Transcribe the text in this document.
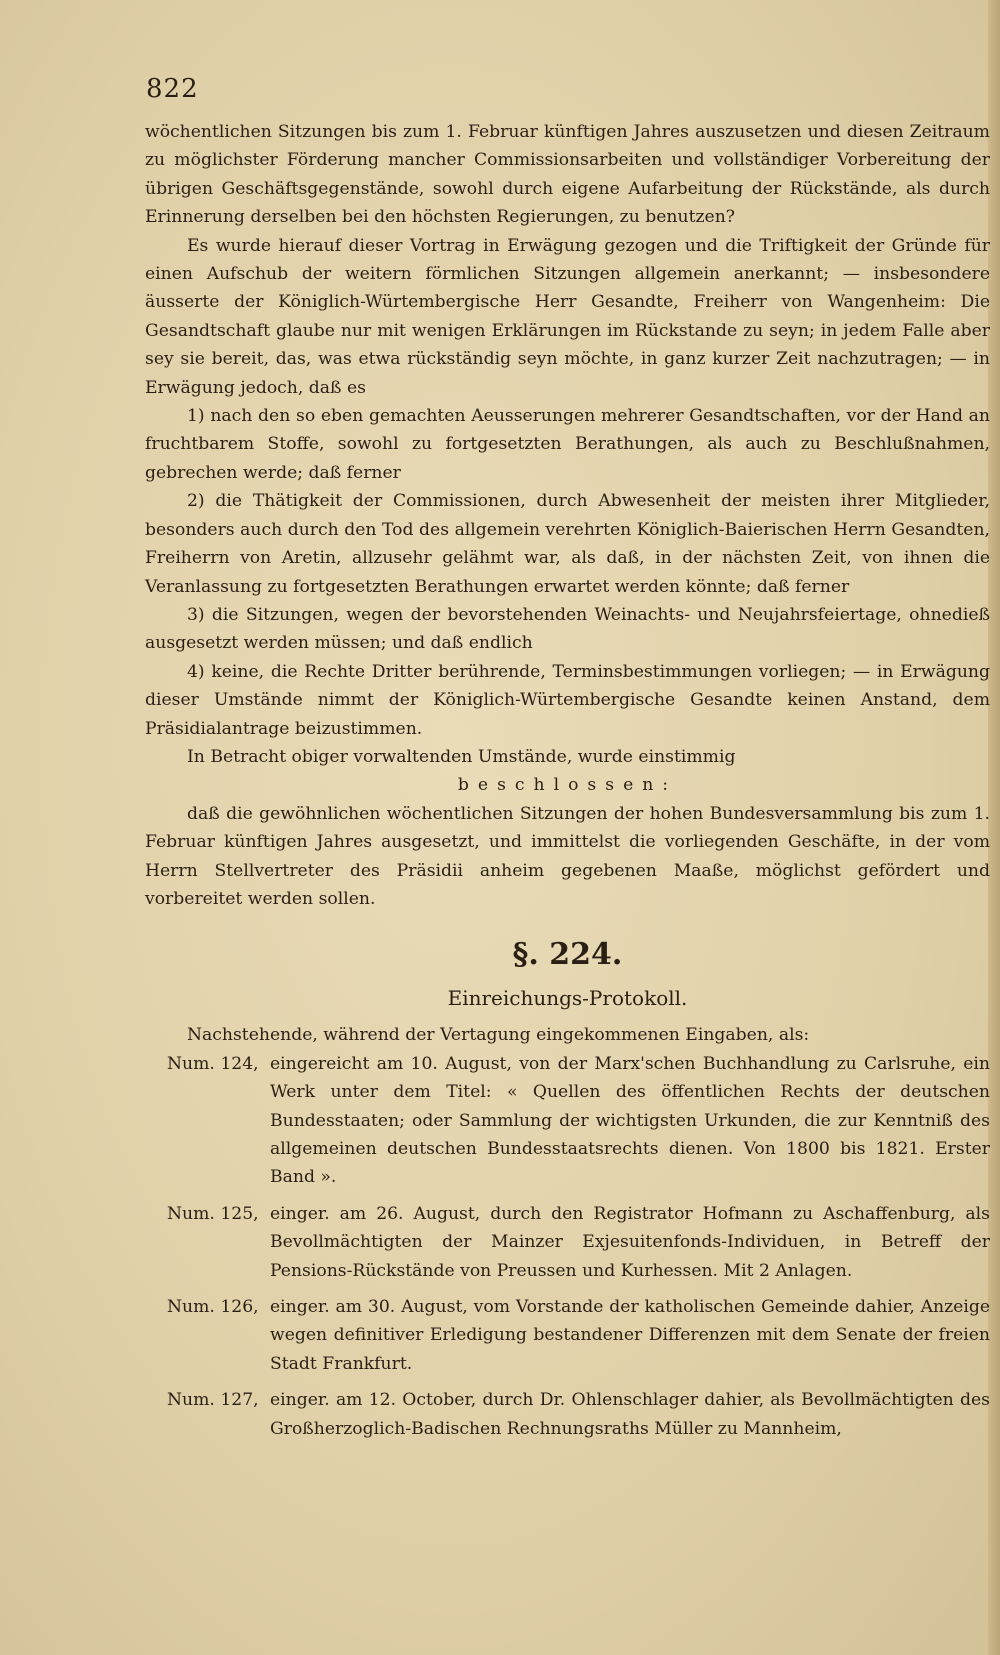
822

wöchentlichen Sitzungen bis zum 1. Februar künftigen Jahres auszusetzen und diesen Zeitraum zu möglichster Förderung mancher Commissionsarbeiten und vollständiger Vorbereitung der übrigen Geschäftsgegenstände, sowohl durch eigene Aufarbeitung der Rückstände, als durch Erinnerung derselben bei den höchsten Regierungen, zu benutzen?

Es wurde hierauf dieser Vortrag in Erwägung gezogen und die Triftigkeit der Gründe für einen Aufschub der weitern förmlichen Sitzungen allgemein anerkannt; — insbesondere äusserte der Königlich-Würtembergische Herr Gesandte, Freiherr von Wangenheim: Die Gesandtschaft glaube nur mit wenigen Erklärungen im Rückstande zu seyn; in jedem Falle aber sey sie bereit, das, was etwa rückständig seyn möchte, in ganz kurzer Zeit nachzutragen; — in Erwägung jedoch, daß es

1) nach den so eben gemachten Aeusserungen mehrerer Gesandtschaften, vor der Hand an fruchtbarem Stoffe, sowohl zu fortgesetzten Berathungen, als auch zu Beschlußnahmen, gebrechen werde; daß ferner

2) die Thätigkeit der Commissionen, durch Abwesenheit der meisten ihrer Mitglieder, besonders auch durch den Tod des allgemein verehrten Königlich-Baierischen Herrn Gesandten, Freiherrn von Aretin, allzusehr gelähmt war, als daß, in der nächsten Zeit, von ihnen die Veranlassung zu fortgesetzten Berathungen erwartet werden könnte; daß ferner

3) die Sitzungen, wegen der bevorstehenden Weinachts- und Neujahrsfeiertage, ohnedieß ausgesetzt werden müssen; und daß endlich

4) keine, die Rechte Dritter berührende, Terminsbestimmungen vorliegen; — in Erwägung dieser Umstände nimmt der Königlich-Würtembergische Gesandte keinen Anstand, dem Präsidialantrage beizustimmen.

In Betracht obiger vorwaltenden Umstände, wurde einstimmig

beschlossen:

daß die gewöhnlichen wöchentlichen Sitzungen der hohen Bundesversammlung bis zum 1. Februar künftigen Jahres ausgesetzt, und immittelst die vorliegenden Geschäfte, in der vom Herrn Stellvertreter des Präsidii anheim gegebenen Maaße, möglichst gefördert und vorbereitet werden sollen.

§. 224.
Einreichungs-Protokoll.

Nachstehende, während der Vertagung eingekommenen Eingaben, als:

Num. 124, eingereicht am 10. August, von der Marx'schen Buchhandlung zu Carlsruhe, ein Werk unter dem Titel: « Quellen des öffentlichen Rechts der deutschen Bundesstaaten; oder Sammlung der wichtigsten Urkunden, die zur Kenntniß des allgemeinen deutschen Bundesstaatsrechts dienen. Von 1800 bis 1821. Erster Band ».
Num. 125, einger. am 26. August, durch den Registrator Hofmann zu Aschaffenburg, als Bevollmächtigten der Mainzer Exjesuitenfonds-Individuen, in Betreff der Pensions-Rückstände von Preussen und Kurhessen. Mit 2 Anlagen.
Num. 126, einger. am 30. August, vom Vorstande der katholischen Gemeinde dahier, Anzeige wegen definitiver Erledigung bestandener Differenzen mit dem Senate der freien Stadt Frankfurt.
Num. 127, einger. am 12. October, durch Dr. Ohlenschlager dahier, als Bevollmächtigten des Großherzoglich-Badischen Rechnungsraths Müller zu Mannheim,
